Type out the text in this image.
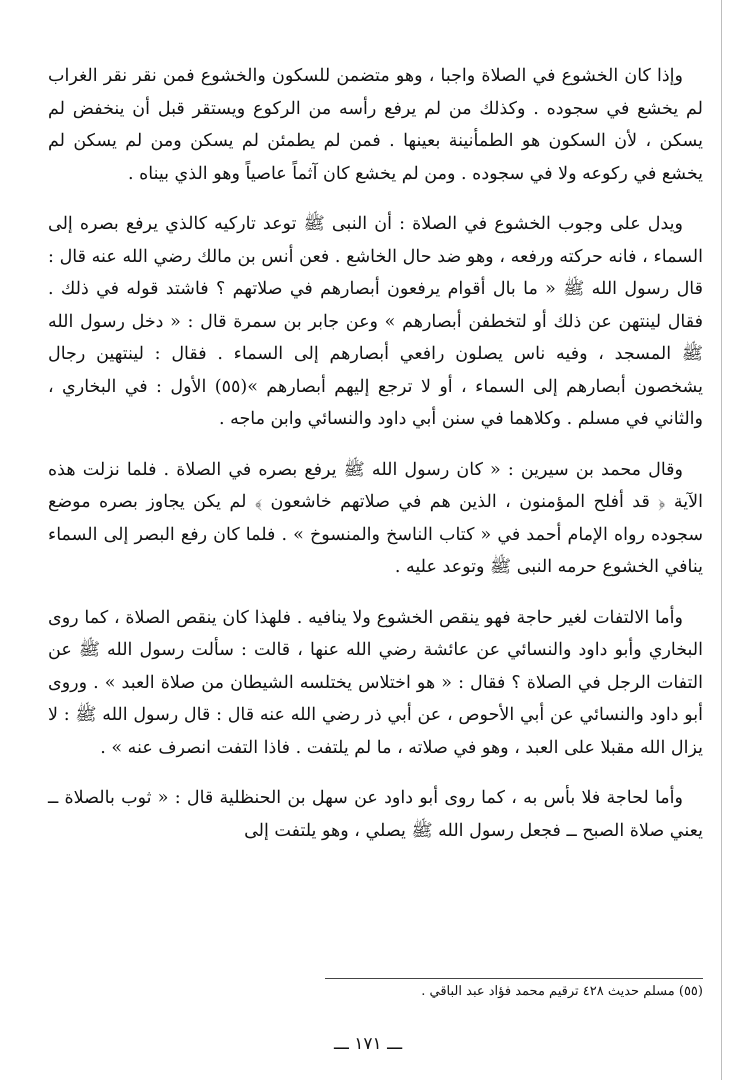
وإذا كان الخشوع في الصلاة واجبا ، وهو متضمن للسكون والخشوع فمن نقر نقر الغراب لم يخشع في سجوده . وكذلك من لم يرفع رأسه من الركوع ويستقر قبل أن ينخفض لم يسكن ، لأن السكون هو الطمأنينة بعينها . فمن لم يطمئن لم يسكن ومن لم يسكن لم يخشع في ركوعه ولا في سجوده . ومن لم يخشع كان آثماً عاصياً وهو الذي بيناه .

ويدل على وجوب الخشوع في الصلاة : أن النبى ﷺ توعد تاركيه كالذي يرفع بصره إلى السماء ، فانه حركته ورفعه ، وهو ضد حال الخاشع . فعن أنس بن مالك رضي الله عنه قال : قال رسول الله ﷺ « ما بال أقوام يرفعون أبصارهم في صلاتهم ؟ فاشتد قوله في ذلك . فقال لينتهن عن ذلك أو لتخطفن أبصارهم » وعن جابر بن سمرة قال : « دخل رسول الله ﷺ المسجد ، وفيه ناس يصلون رافعي أبصارهم إلى السماء . فقال : لينتهين رجال يشخصون أبصارهم إلى السماء ، أو لا ترجع إليهم أبصارهم »(٥٥) الأول : في البخاري ، والثاني في مسلم . وكلاهما في سنن أبي داود والنسائي وابن ماجه .

وقال محمد بن سيرين : « كان رسول الله ﷺ يرفع بصره في الصلاة . فلما نزلت هذه الآية ﴿ قد أفلح المؤمنون ، الذين هم في صلاتهم خاشعون ﴾ لم يكن يجاوز بصره موضع سجوده رواه الإمام أحمد في « كتاب الناسخ والمنسوخ » . فلما كان رفع البصر إلى السماء ينافي الخشوع حرمه النبى ﷺ وتوعد عليه .

وأما الالتفات لغير حاجة فهو ينقص الخشوع ولا ينافيه . فلهذا كان ينقص الصلاة ، كما روى البخاري وأبو داود والنسائي عن عائشة رضي الله عنها ، قالت : سألت رسول الله ﷺ عن التفات الرجل في الصلاة ؟ فقال : « هو اختلاس يختلسه الشيطان من صلاة العبد » . وروى أبو داود والنسائي عن أبي الأحوص ، عن أبي ذر رضي الله عنه قال : قال رسول الله ﷺ : لا يزال الله مقبلا على العبد ، وهو في صلاته ، ما لم يلتفت . فاذا التفت انصرف عنه » .

وأما لحاجة فلا بأس به ، كما روى أبو داود عن سهل بن الحنظلية قال : « ثوب بالصلاة ــ يعني صلاة الصبح ــ فجعل رسول الله ﷺ يصلي ، وهو يلتفت إلى

(٥٥) مسلم حديث ٤٢٨ ترقيم محمد فؤاد عبد الباقي .
ـــ ١٧١ ـــ
